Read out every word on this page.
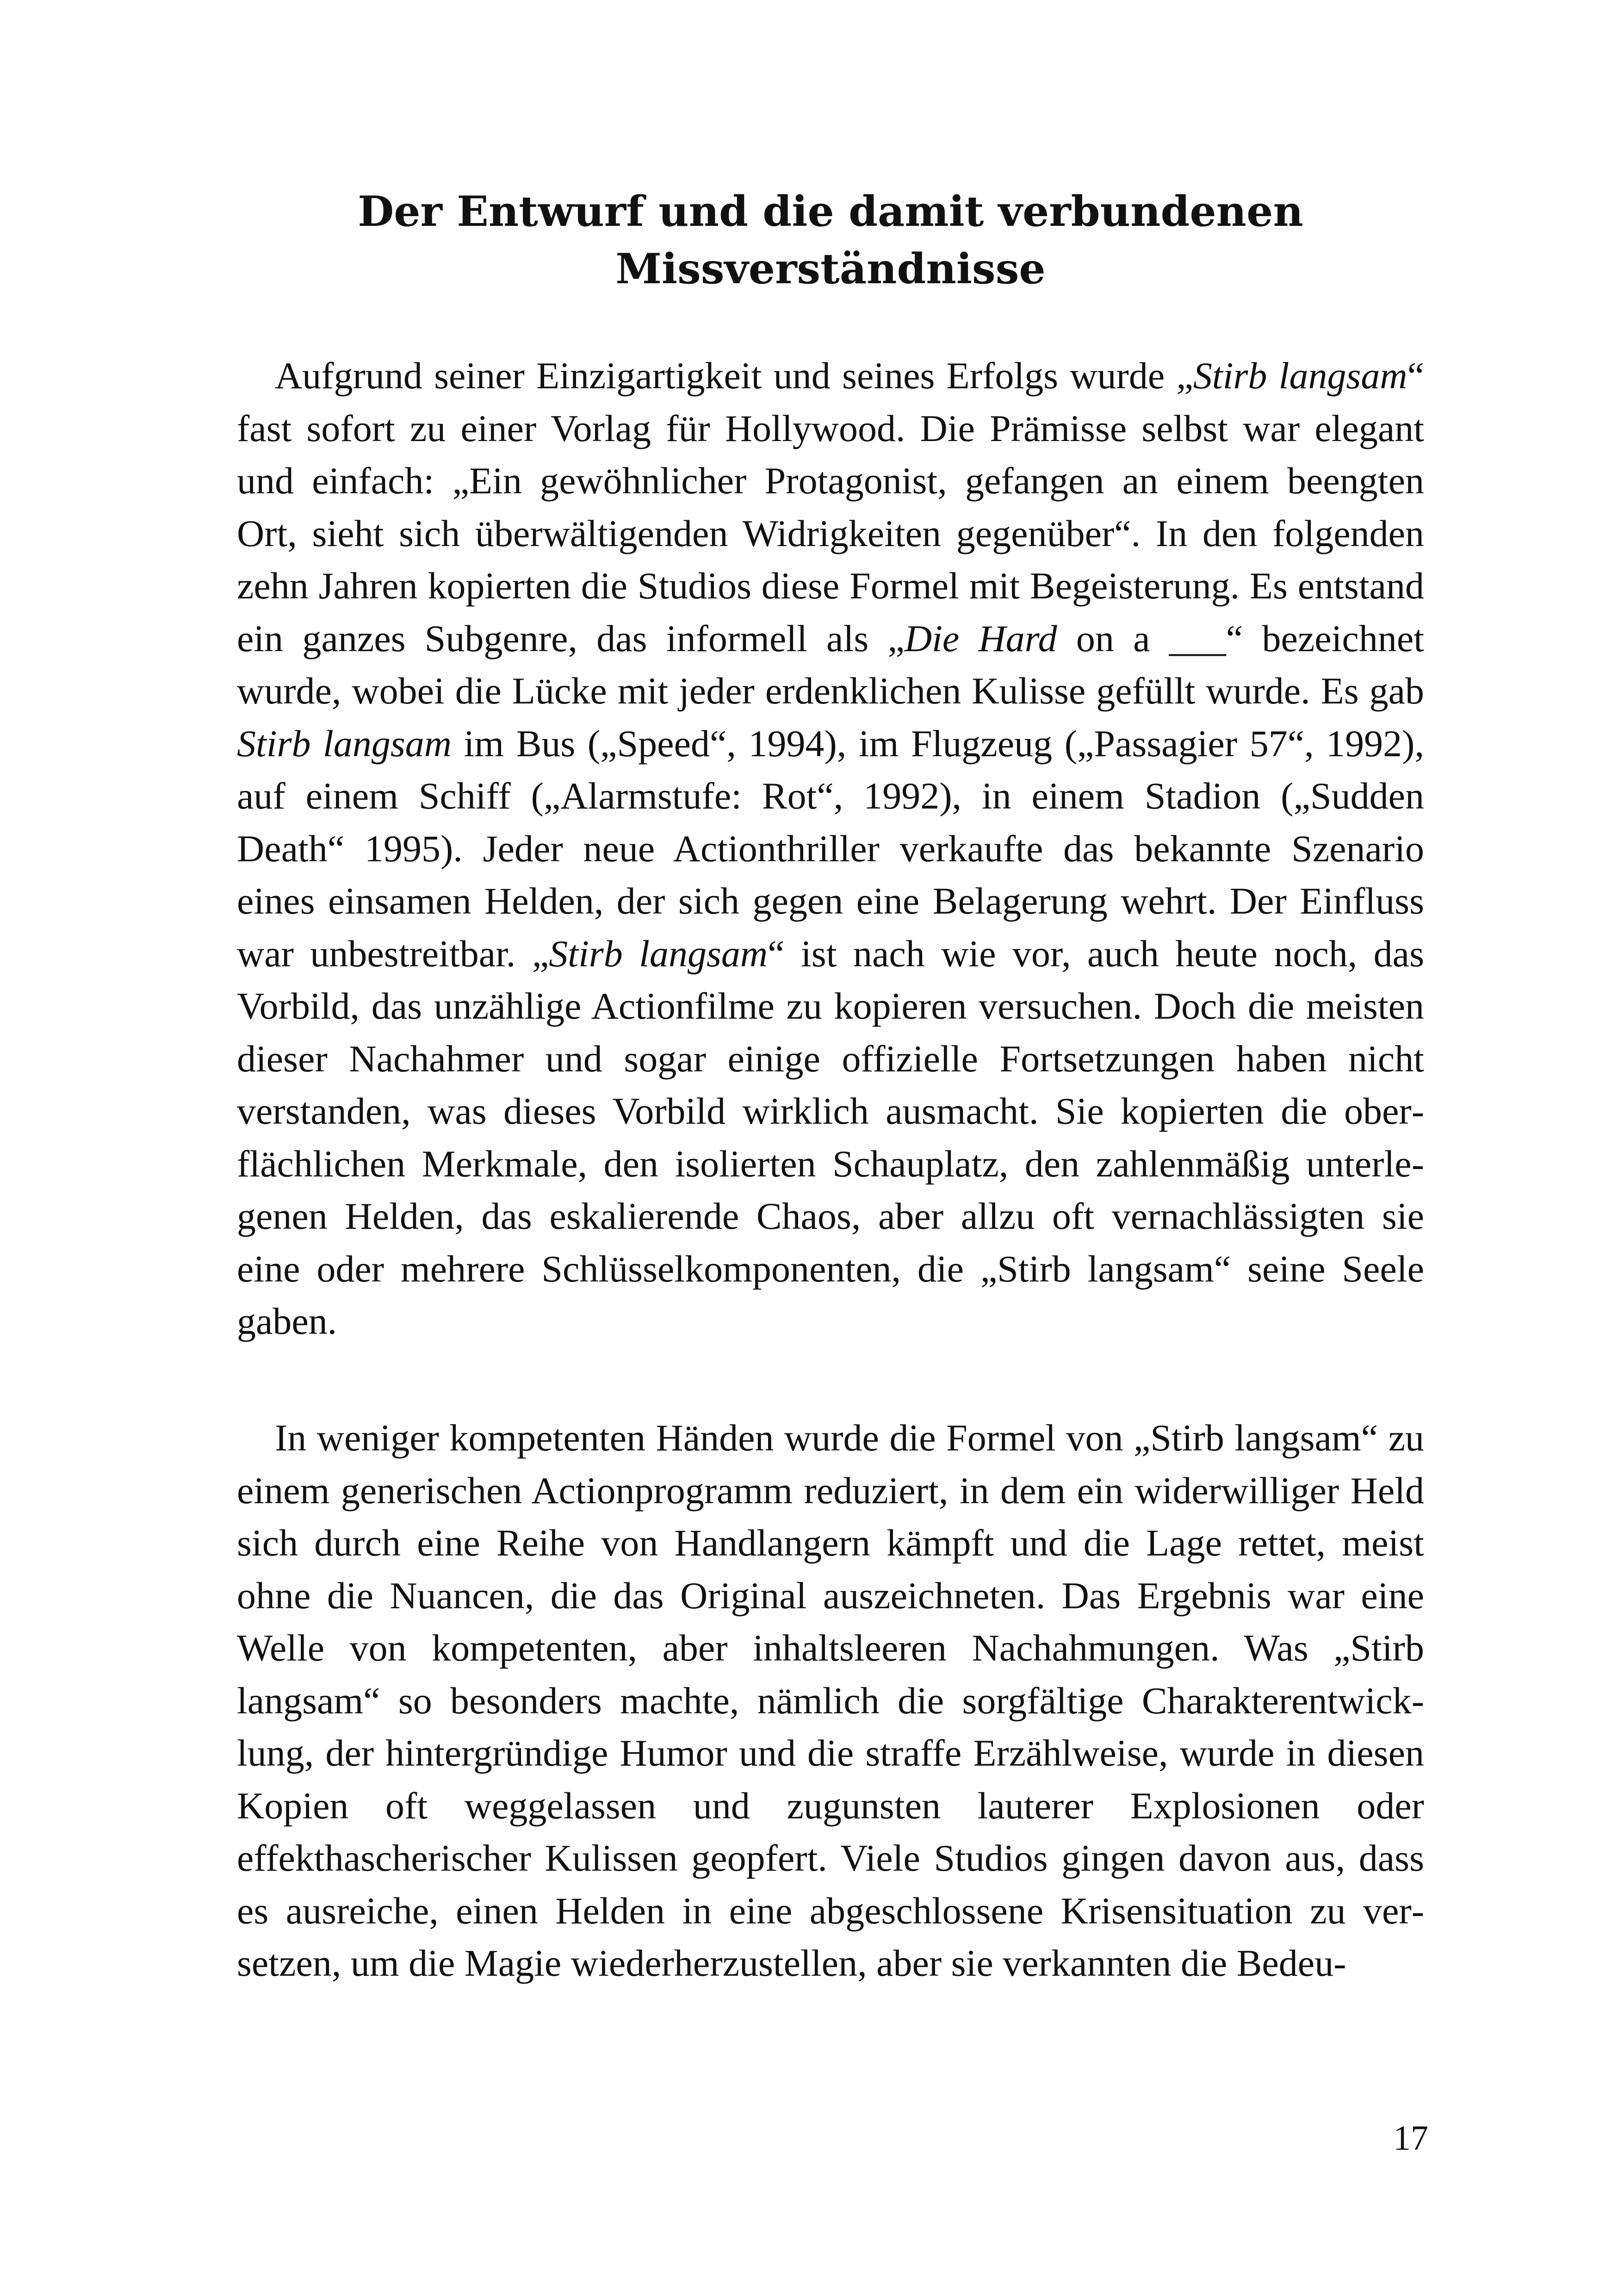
Der Entwurf und die damit verbundenen
Missverständnisse

Aufgrund seiner Einzigartigkeit und seines Erfolgs wurde „Stirb langsam“ fast sofort zu einer Vorlag für Hollywood. Die Prämisse selbst war elegant und einfach: „Ein gewöhnlicher Protagonist, gefangen an einem beengten Ort, sieht sich überwältigenden Widrigkeiten gegenüber“. In den folgenden zehn Jahren kopierten die Studios diese Formel mit Begeisterung. Es entstand ein ganzes Subgenre, das informell als „Die Hard on a ___“ bezeichnet wurde, wobei die Lücke mit jeder erdenklichen Kulisse gefüllt wurde. Es gab Stirb langsam im Bus („Speed“, 1994), im Flugzeug („Passagier 57“, 1992), auf einem Schiff („Alarmstufe: Rot“, 1992), in einem Stadion („Sudden Death“ 1995). Jeder neue Actionthriller verkaufte das bekannte Szenario eines einsamen Helden, der sich gegen eine Belagerung wehrt. Der Einfluss war unbestreitbar. „Stirb langsam“ ist nach wie vor, auch heute noch, das Vorbild, das unzählige Actionfilme zu kopieren versuchen. Doch die meisten dieser Nachahmer und sogar einige offizielle Fortsetzungen haben nicht verstanden, was dieses Vorbild wirklich ausmacht. Sie kopierten die oberflächlichen Merkmale, den isolierten Schauplatz, den zahlenmäßig unterlegenen Helden, das eskalierende Chaos, aber allzu oft vernachlässigten sie eine oder mehrere Schlüsselkomponenten, die „Stirb langsam“ seine Seele gaben.

In weniger kompetenten Händen wurde die Formel von „Stirb langsam“ zu einem generischen Actionprogramm reduziert, in dem ein widerwilliger Held sich durch eine Reihe von Handlangern kämpft und die Lage rettet, meist ohne die Nuancen, die das Original auszeichneten. Das Ergebnis war eine Welle von kompetenten, aber inhaltsleeren Nachahmungen. Was „Stirb langsam“ so besonders machte, nämlich die sorgfältige Charakterentwicklung, der hintergründige Humor und die straffe Erzählweise, wurde in diesen Kopien oft weggelassen und zugunsten lauterer Explosionen oder effekthascherischer Kulissen geopfert. Viele Studios gingen davon aus, dass es ausreiche, einen Helden in eine abgeschlossene Krisensituation zu versetzen, um die Magie wiederherzustellen, aber sie verkannten die Bedeu-

17
